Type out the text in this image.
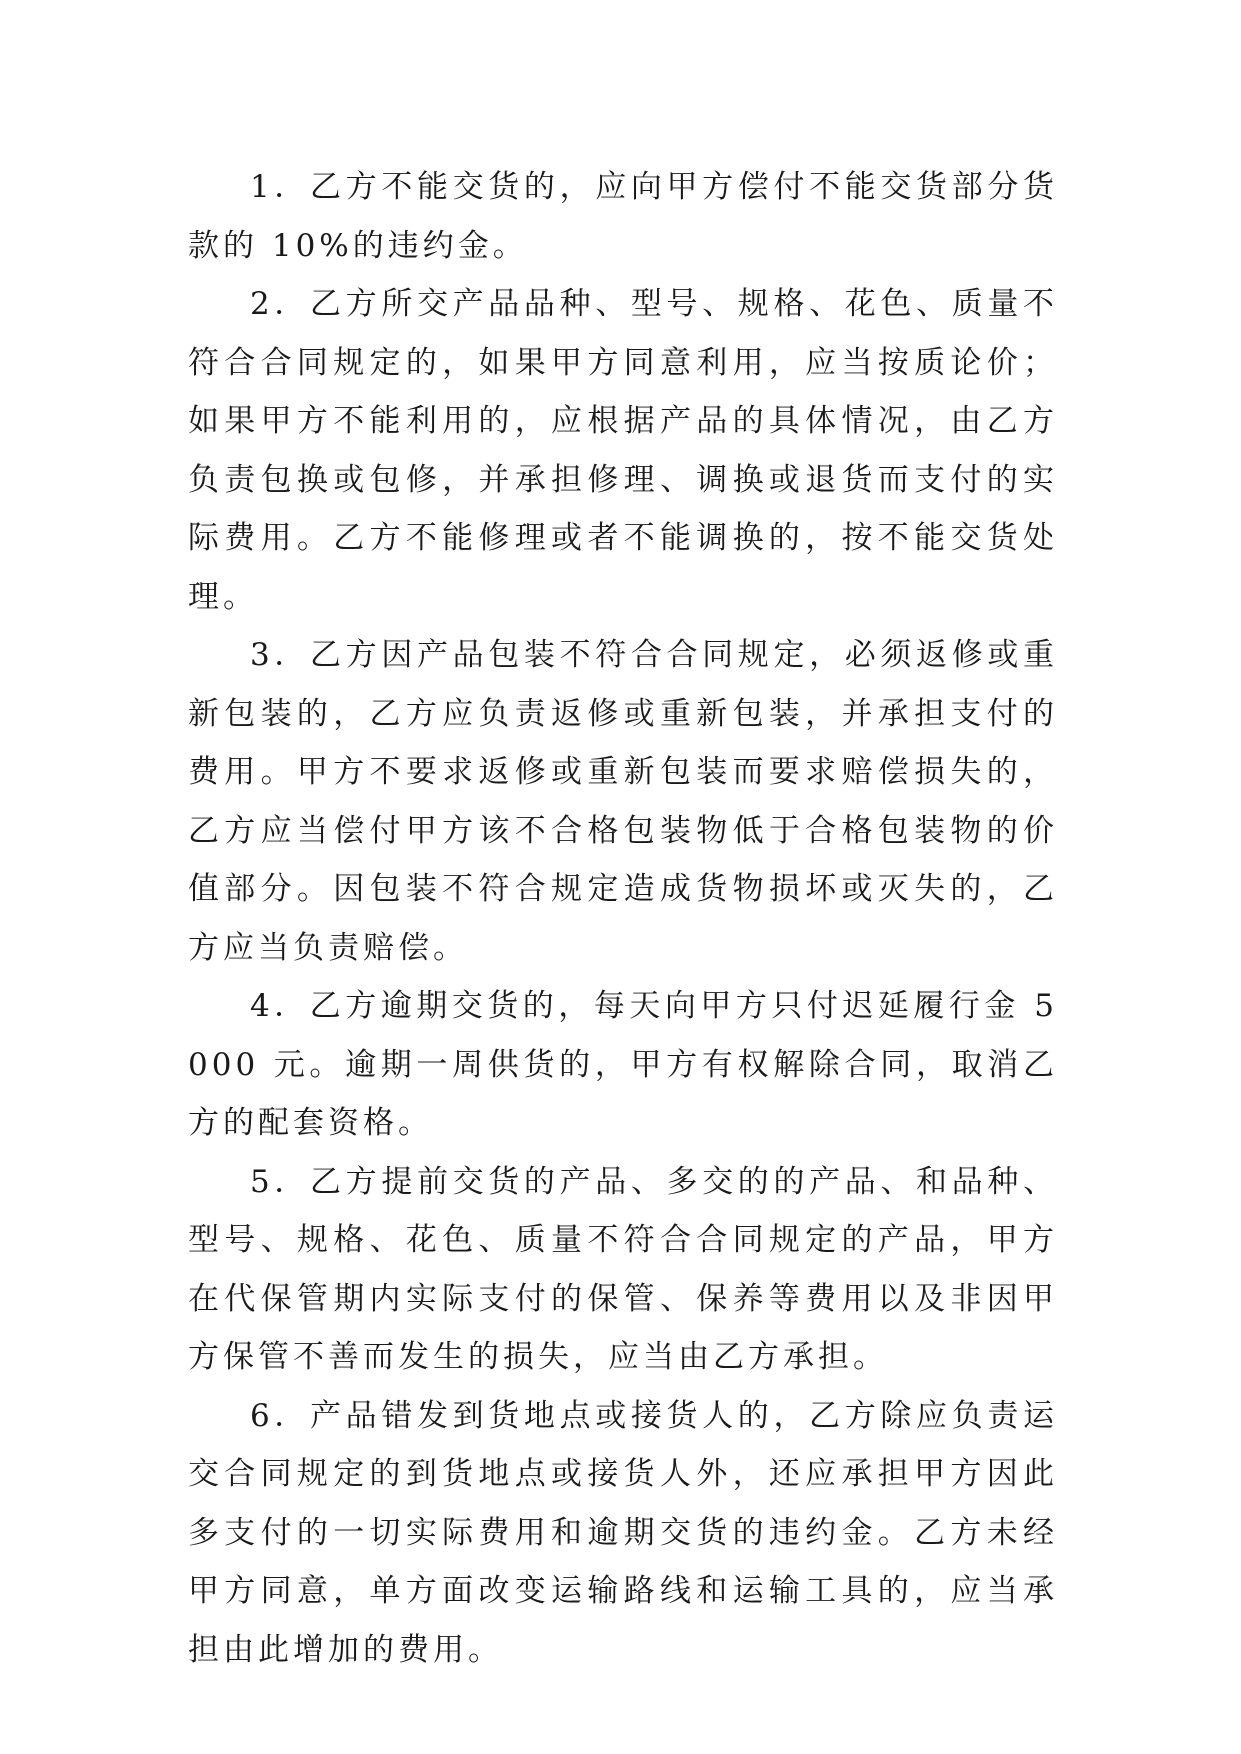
1．乙方不能交货的，应向甲方偿付不能交货部分货款的 10%的违约金。

2．乙方所交产品品种、型号、规格、花色、质量不符合合同规定的，如果甲方同意利用，应当按质论价；如果甲方不能利用的，应根据产品的具体情况，由乙方负责包换或包修，并承担修理、调换或退货而支付的实际费用。乙方不能修理或者不能调换的，按不能交货处理。

3．乙方因产品包装不符合合同规定，必须返修或重新包装的，乙方应负责返修或重新包装，并承担支付的费用。甲方不要求返修或重新包装而要求赔偿损失的，乙方应当偿付甲方该不合格包装物低于合格包装物的价值部分。因包装不符合规定造成货物损坏或灭失的，乙方应当负责赔偿。

4．乙方逾期交货的，每天向甲方只付迟延履行金 5000 元。逾期一周供货的，甲方有权解除合同，取消乙方的配套资格。

5．乙方提前交货的产品、多交的的产品、和品种、型号、规格、花色、质量不符合合同规定的产品，甲方在代保管期内实际支付的保管、保养等费用以及非因甲方保管不善而发生的损失，应当由乙方承担。

6．产品错发到货地点或接货人的，乙方除应负责运交合同规定的到货地点或接货人外，还应承担甲方因此多支付的一切实际费用和逾期交货的违约金。乙方未经甲方同意，单方面改变运输路线和运输工具的，应当承担由此增加的费用。
